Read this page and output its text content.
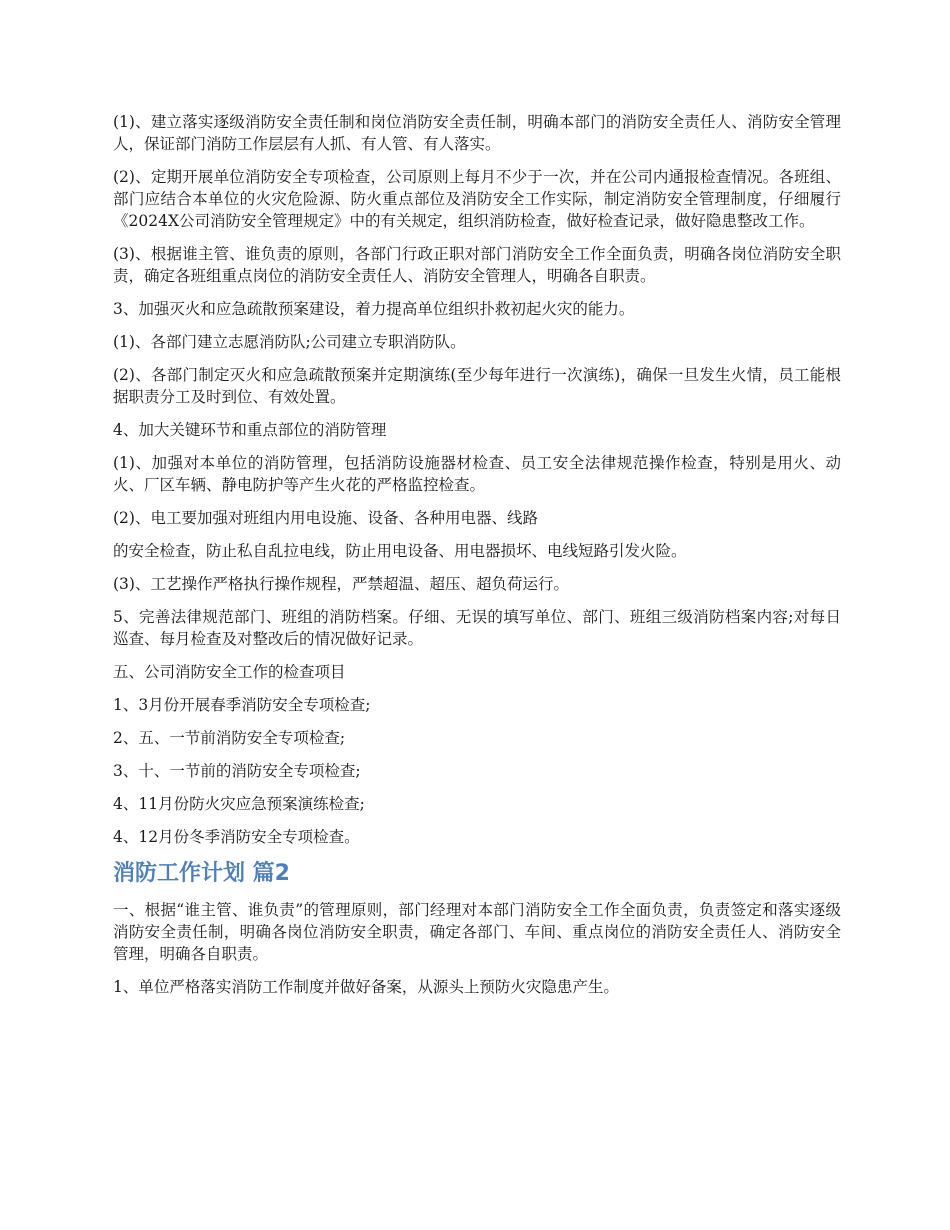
(1)、建立落实逐级消防安全责任制和岗位消防安全责任制，明确本部门的消防安全责任人、消防安全管理人，保证部门消防工作层层有人抓、有人管、有人落实。

(2)、定期开展单位消防安全专项检查，公司原则上每月不少于一次，并在公司内通报检查情况。各班组、部门应结合本单位的火灾危险源、防火重点部位及消防安全工作实际，制定消防安全管理制度，仔细履行《2024X公司消防安全管理规定》中的有关规定，组织消防检查，做好检查记录，做好隐患整改工作。

(3)、根据谁主管、谁负责的原则，各部门行政正职对部门消防安全工作全面负责，明确各岗位消防安全职责，确定各班组重点岗位的消防安全责任人、消防安全管理人，明确各自职责。

3、加强灭火和应急疏散预案建设，着力提高单位组织扑救初起火灾的能力。

(1)、各部门建立志愿消防队;公司建立专职消防队。

(2)、各部门制定灭火和应急疏散预案并定期演练(至少每年进行一次演练)，确保一旦发生火情，员工能根据职责分工及时到位、有效处置。

4、加大关键环节和重点部位的消防管理

(1)、加强对本单位的消防管理，包括消防设施器材检查、员工安全法律规范操作检查，特别是用火、动火、厂区车辆、静电防护等产生火花的严格监控检查。

(2)、电工要加强对班组内用电设施、设备、各种用电器、线路

的安全检查，防止私自乱拉电线，防止用电设备、用电器损坏、电线短路引发火险。

(3)、工艺操作严格执行操作规程，严禁超温、超压、超负荷运行。

5、完善法律规范部门、班组的消防档案。仔细、无误的填写单位、部门、班组三级消防档案内容;对每日巡查、每月检查及对整改后的情况做好记录。

五、公司消防安全工作的检查项目

1、3月份开展春季消防安全专项检查;

2、五、一节前消防安全专项检查;

3、十、一节前的消防安全专项检查;

4、11月份防火灾应急预案演练检查;

4、12月份冬季消防安全专项检查。

消防工作计划 篇2

一、根据“谁主管、谁负责”的管理原则，部门经理对本部门消防安全工作全面负责，负责签定和落实逐级消防安全责任制，明确各岗位消防安全职责，确定各部门、车间、重点岗位的消防安全责任人、消防安全管理，明确各自职责。

1、单位严格落实消防工作制度并做好备案，从源头上预防火灾隐患产生。
